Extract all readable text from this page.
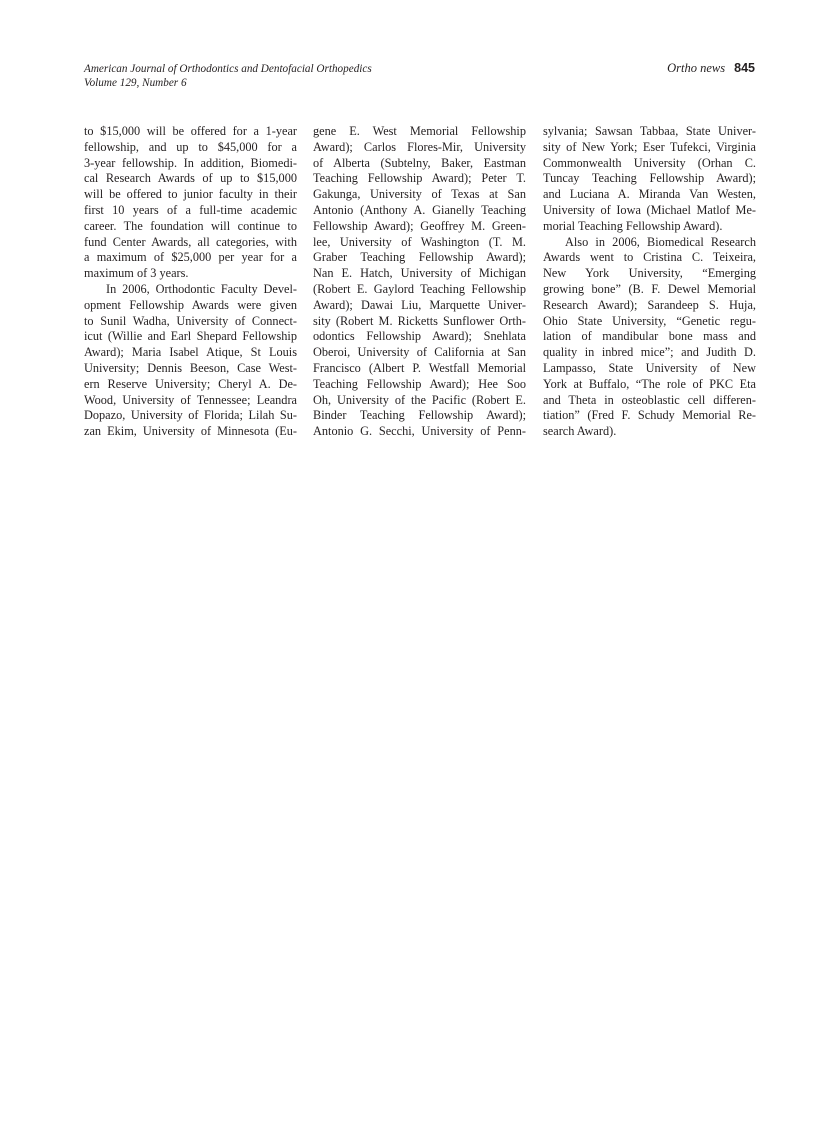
American Journal of Orthodontics and Dentofacial Orthopedics
Volume 129, Number 6
Ortho news 845
to $15,000 will be offered for a 1-year
fellowship, and up to $45,000 for a
3-year fellowship. In addition, Biomedi-
cal Research Awards of up to $15,000
will be offered to junior faculty in their
first 10 years of a full-time academic
career. The foundation will continue to
fund Center Awards, all categories, with
a maximum of $25,000 per year for a
maximum of 3 years.
In 2006, Orthodontic Faculty Devel-
opment Fellowship Awards were given
to Sunil Wadha, University of Connect-
icut (Willie and Earl Shepard Fellowship
Award); Maria Isabel Atique, St Louis
University; Dennis Beeson, Case West-
ern Reserve University; Cheryl A. De-
Wood, University of Tennessee; Leandra
Dopazo, University of Florida; Lilah Su-
zan Ekim, University of Minnesota (Eu-
gene E. West Memorial Fellowship
Award); Carlos Flores-Mir, University
of Alberta (Subtelny, Baker, Eastman
Teaching Fellowship Award); Peter T.
Gakunga, University of Texas at San
Antonio (Anthony A. Gianelly Teaching
Fellowship Award); Geoffrey M. Green-
lee, University of Washington (T. M.
Graber Teaching Fellowship Award);
Nan E. Hatch, University of Michigan
(Robert E. Gaylord Teaching Fellowship
Award); Dawai Liu, Marquette Univer-
sity (Robert M. Ricketts Sunflower Orth-
odontics Fellowship Award); Snehlata
Oberoi, University of California at San
Francisco (Albert P. Westfall Memorial
Teaching Fellowship Award); Hee Soo
Oh, University of the Pacific (Robert E.
Binder Teaching Fellowship Award);
Antonio G. Secchi, University of Penn-
sylvania; Sawsan Tabbaa, State Univer-
sity of New York; Eser Tufekci, Virginia
Commonwealth University (Orhan C.
Tuncay Teaching Fellowship Award);
and Luciana A. Miranda Van Westen,
University of Iowa (Michael Matlof Me-
morial Teaching Fellowship Award).
Also in 2006, Biomedical Research
Awards went to Cristina C. Teixeira,
New York University, “Emerging
growing bone” (B. F. Dewel Memorial
Research Award); Sarandeep S. Huja,
Ohio State University, “Genetic regu-
lation of mandibular bone mass and
quality in inbred mice”; and Judith D.
Lampasso, State University of New
York at Buffalo, “The role of PKC Eta
and Theta in osteoblastic cell differen-
tiation” (Fred F. Schudy Memorial Re-
search Award).
